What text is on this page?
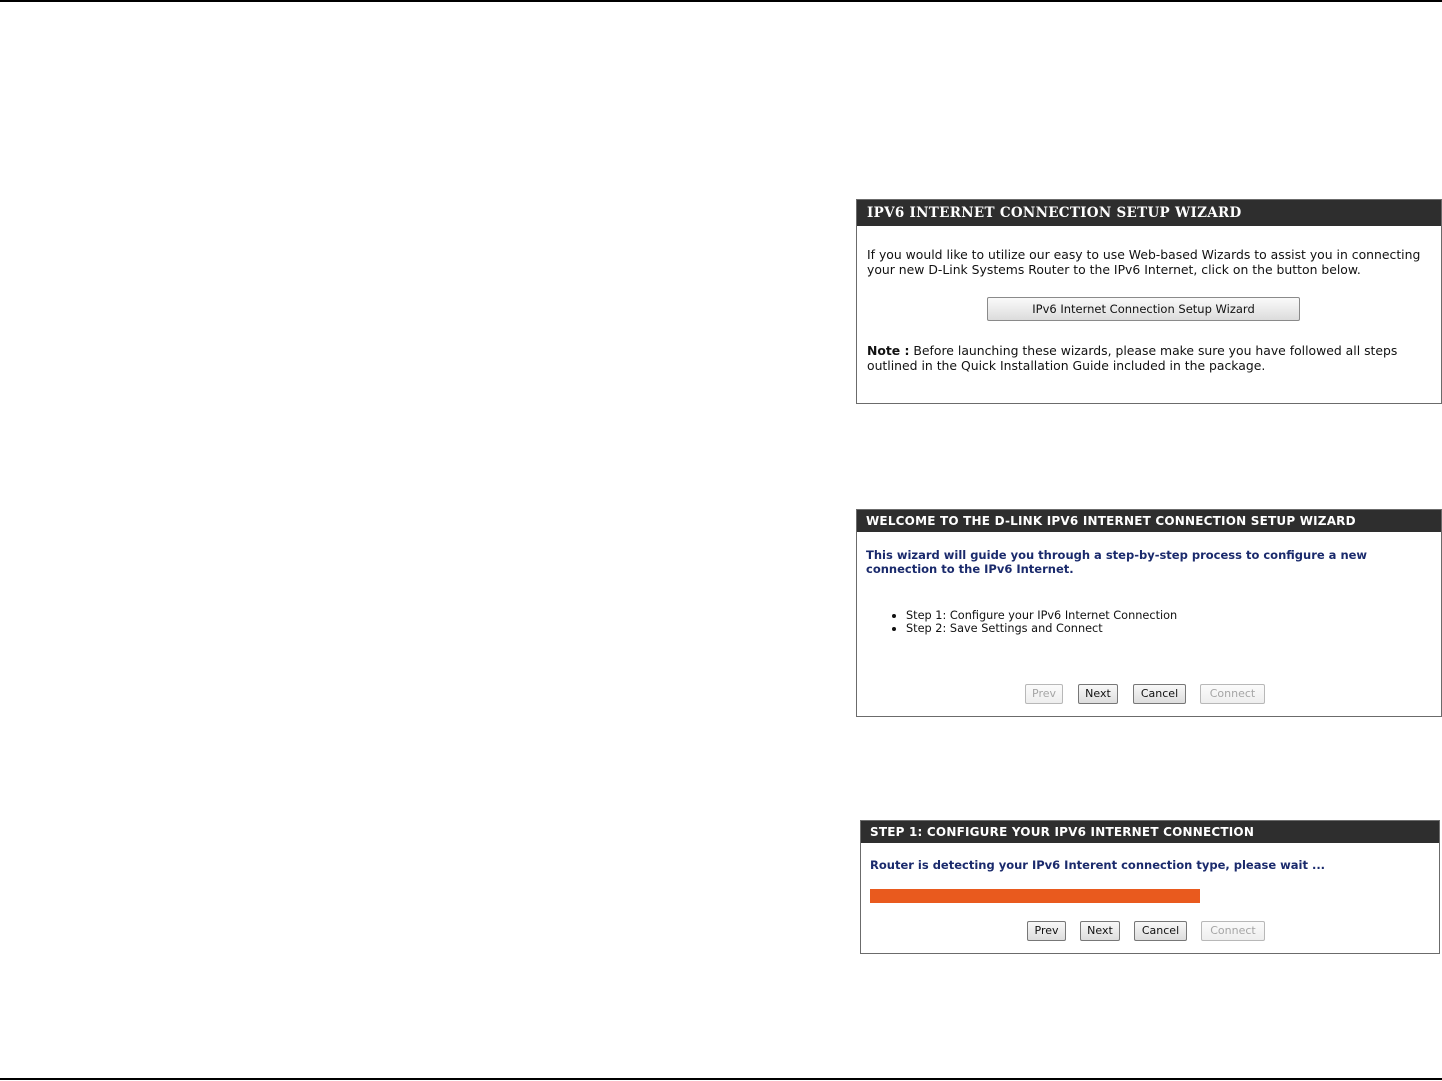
IPV6 INTERNET CONNECTION SETUP WIZARD
If you would like to utilize our easy to use Web-based Wizards to assist you in connecting your new D-Link Systems Router to the IPv6 Internet, click on the button below.
IPv6 Internet Connection Setup Wizard
Note : Before launching these wizards, please make sure you have followed all steps outlined in the Quick Installation Guide included in the package.
WELCOME TO THE D-LINK IPV6 INTERNET CONNECTION SETUP WIZARD
This wizard will guide you through a step-by-step process to configure a new connection to the IPv6 Internet.
Step 1: Configure your IPv6 Internet Connection
Step 2: Save Settings and Connect
Prev	Next	Cancel	Connect
STEP 1: CONFIGURE YOUR IPV6 INTERNET CONNECTION
Router is detecting your IPv6 Interent connection type, please wait ...
Prev	Next	Cancel	Connect
